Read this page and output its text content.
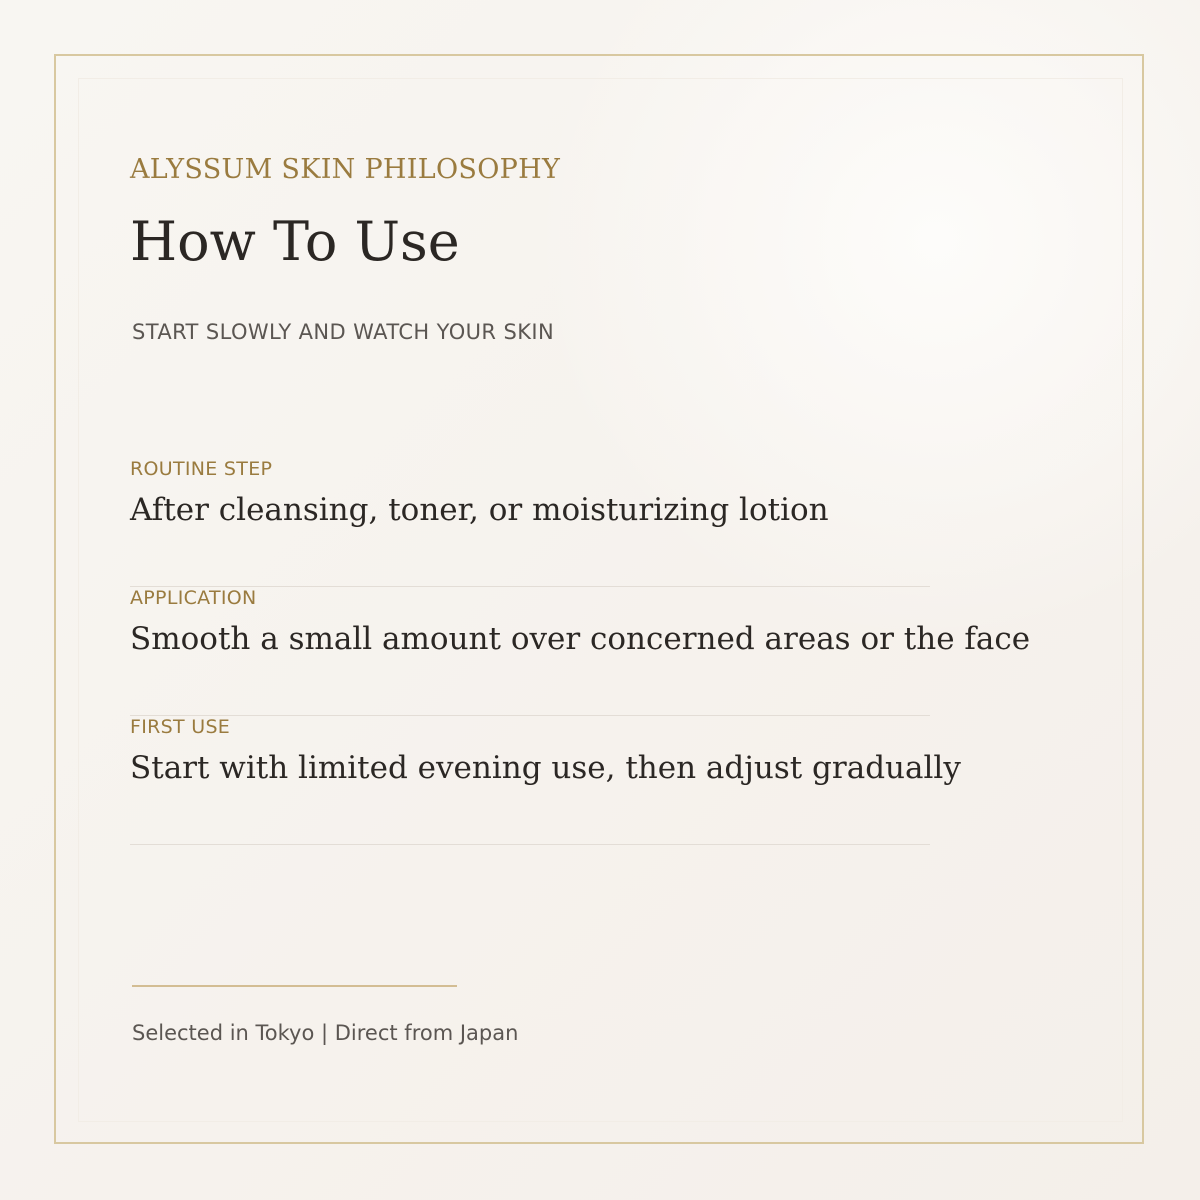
ALYSSUM SKIN PHILOSOPHY
How To Use
START SLOWLY AND WATCH YOUR SKIN
ROUTINE STEP
After cleansing, toner, or moisturizing lotion
APPLICATION
Smooth a small amount over concerned areas or the face
FIRST USE
Start with limited evening use, then adjust gradually
Selected in Tokyo | Direct from Japan
